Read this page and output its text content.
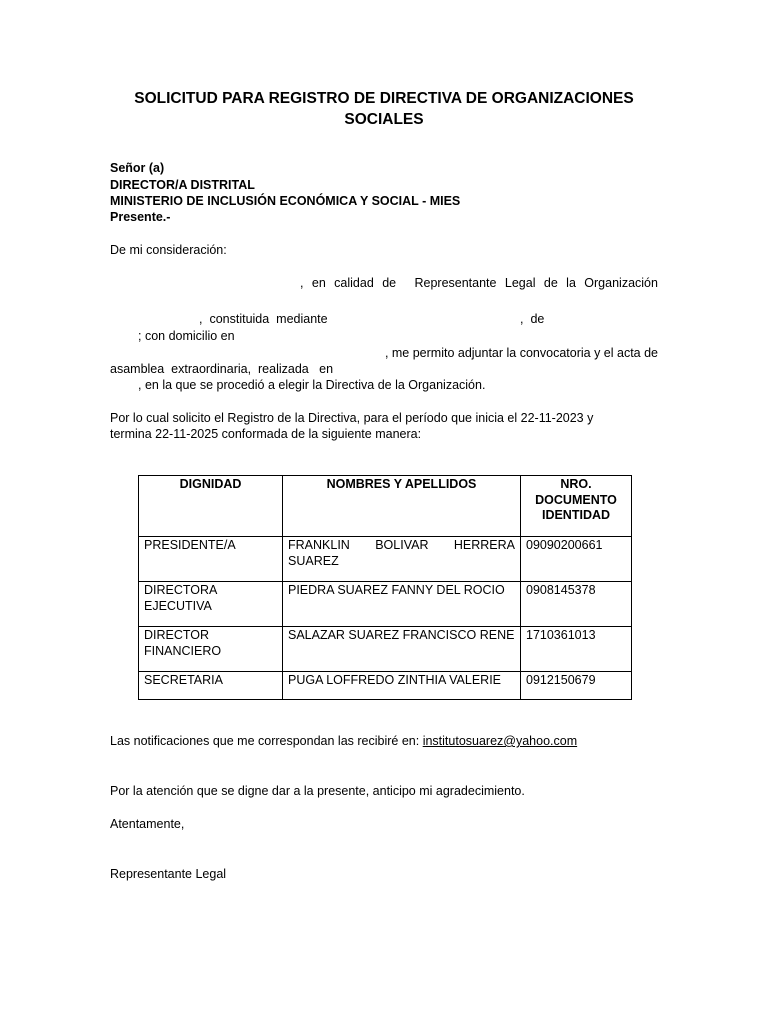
SOLICITUD PARA REGISTRO DE DIRECTIVA DE ORGANIZACIONES
SOCIALES
Señor (a)
DIRECTOR/A DISTRITAL
MINISTERIO DE INCLUSIÓN ECONÓMICA Y SOCIAL - MIES
Presente.-
De mi consideración:
, en calidad de Representante Legal de la Organización
, constituida mediante	, de
; con domicilio en
, me permito adjuntar la convocatoria y el acta de
asamblea extraordinaria, realizada en
, en la que se procedió a elegir la Directiva de la Organización.
Por lo cual solicito el Registro de la Directiva, para el período que inicia el 22-11-2023 y
termina 22-11-2025 conformada de la siguiente manera:
DIGNIDAD	NOMBRES Y APELLIDOS	NRO. DOCUMENTO IDENTIDAD
PRESIDENTE/A	FRANKLIN BOLIVAR HERRERA SUAREZ	09090200661
DIRECTORA EJECUTIVA	PIEDRA SUAREZ FANNY DEL ROCIO	0908145378
DIRECTOR FINANCIERO	SALAZAR SUAREZ FRANCISCO RENE	1710361013
SECRETARIA	PUGA LOFFREDO ZINTHIA VALERIE	0912150679
Las notificaciones que me correspondan las recibiré en: institutosuarez@yahoo.com
Por la atención que se digne dar a la presente, anticipo mi agradecimiento.
Atentamente,
Representante Legal
